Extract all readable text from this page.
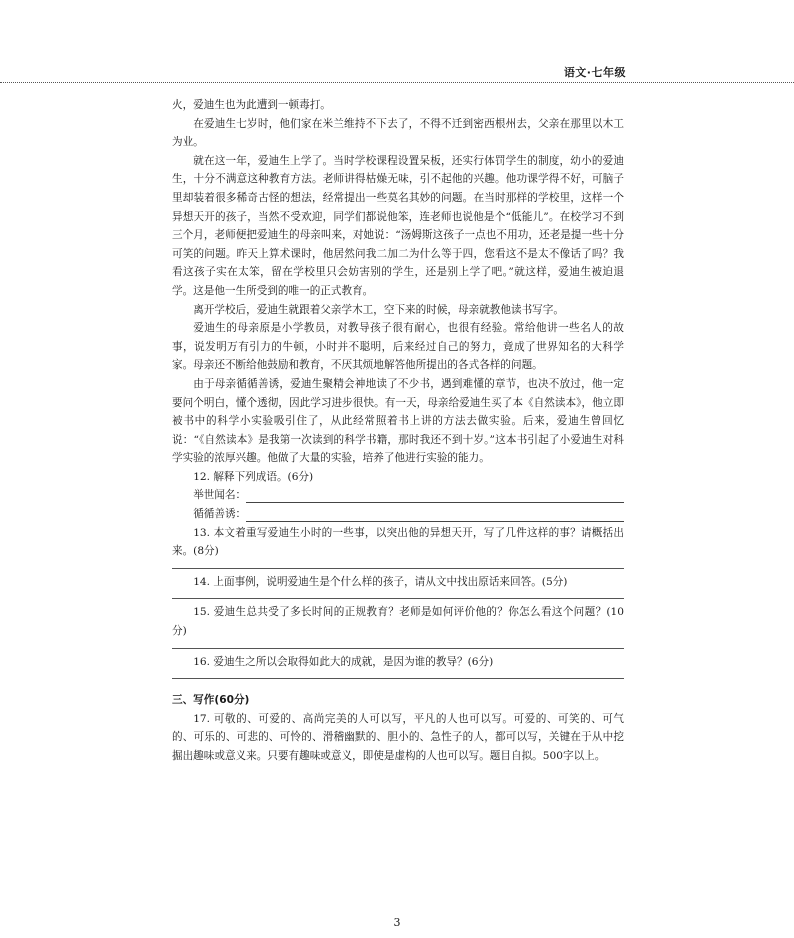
语文·七年级

火，爱迪生也为此遭到一顿毒打。

在爱迪生七岁时，他们家在米兰维持不下去了，不得不迁到密西根州去，父亲在那里以木工为业。

就在这一年，爱迪生上学了。当时学校课程设置呆板，还实行体罚学生的制度，幼小的爱迪生，十分不满意这种教育方法。老师讲得枯燥无味，引不起他的兴趣。他功课学得不好，可脑子里却装着很多稀奇古怪的想法，经常提出一些莫名其妙的问题。在当时那样的学校里，这样一个异想天开的孩子，当然不受欢迎，同学们都说他笨，连老师也说他是个“低能儿”。在校学习不到三个月，老师便把爱迪生的母亲叫来，对她说：“汤姆斯这孩子一点也不用功，还老是提一些十分可笑的问题。昨天上算术课时，他居然问我二加二为什么等于四，您看这不是太不像话了吗？我看这孩子实在太笨，留在学校里只会妨害别的学生，还是别上学了吧。”就这样，爱迪生被迫退学。这是他一生所受到的唯一的正式教育。

离开学校后，爱迪生就跟着父亲学木工，空下来的时候，母亲就教他读书写字。

爱迪生的母亲原是小学教员，对教导孩子很有耐心，也很有经验。常给他讲一些名人的故事，说发明万有引力的牛顿，小时并不聪明，后来经过自己的努力，竟成了世界知名的大科学家。母亲还不断给他鼓励和教育，不厌其烦地解答他所提出的各式各样的问题。

由于母亲循循善诱，爱迪生聚精会神地读了不少书，遇到难懂的章节，也决不放过，他一定要问个明白，懂个透彻，因此学习进步很快。有一天，母亲给爱迪生买了本《自然读本》，他立即被书中的科学小实验吸引住了，从此经常照着书上讲的方法去做实验。后来，爱迪生曾回忆说：“《自然读本》是我第一次读到的科学书籍，那时我还不到十岁。”这本书引起了小爱迪生对科学实验的浓厚兴趣。他做了大量的实验，培养了他进行实验的能力。

12. 解释下列成语。(6分)

举世闻名：
循循善诱：

13. 本文着重写爱迪生小时的一些事，以突出他的异想天开，写了几件这样的事？请概括出来。(8分)

14. 上面事例，说明爱迪生是个什么样的孩子，请从文中找出原话来回答。(5分)

15. 爱迪生总共受了多长时间的正规教育？老师是如何评价他的？你怎么看这个问题？(10分)

16. 爱迪生之所以会取得如此大的成就，是因为谁的教导？(6分)

三、写作(60分)

17. 可敬的、可爱的、高尚完美的人可以写，平凡的人也可以写。可爱的、可笑的、可气的、可乐的、可悲的、可怜的、滑稽幽默的、胆小的、急性子的人，都可以写，关键在于从中挖掘出趣味或意义来。只要有趣味或意义，即使是虚构的人也可以写。题目自拟。500字以上。

3
